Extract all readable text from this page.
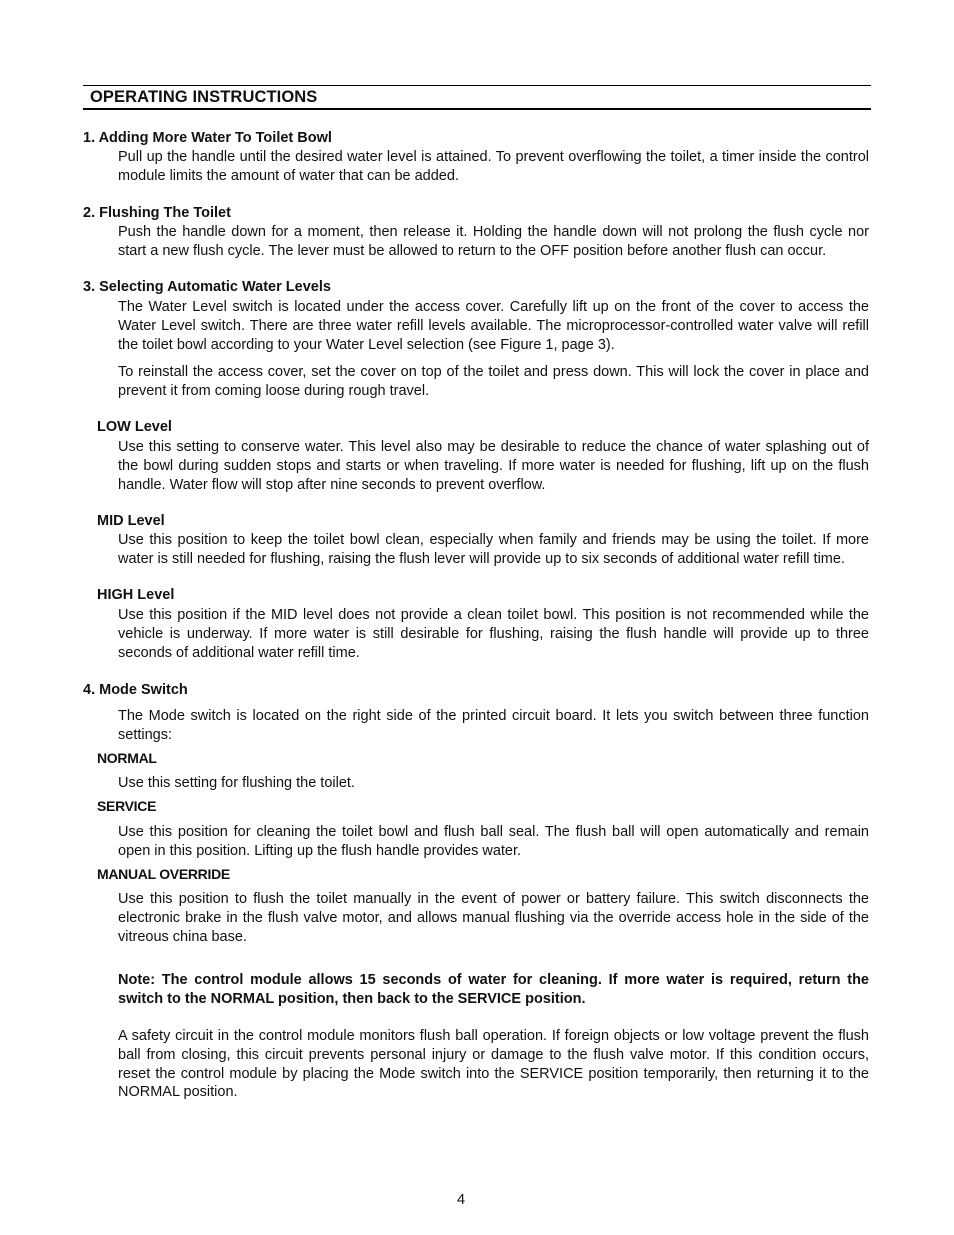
OPERATING INSTRUCTIONS
1. Adding More Water To Toilet Bowl
Pull up the handle until the desired water level is attained. To prevent overflowing the toilet, a timer inside the control module limits the amount of water that can be added.
2. Flushing The Toilet
Push the handle down for a moment, then release it. Holding the handle down will not prolong the flush cycle nor start a new flush cycle. The lever must be allowed to return to the OFF position before another flush can occur.
3. Selecting Automatic Water Levels
The Water Level switch is located under the access cover. Carefully lift up on the front of the cover to access the Water Level switch. There are three water refill levels available. The microprocessor-controlled water valve will refill the toilet bowl according to your Water Level selection (see Figure 1, page 3).
To reinstall the access cover, set the cover on top of the toilet and press down. This will lock the cover in place and prevent it from coming loose during rough travel.
LOW Level
Use this setting to conserve water. This level also may be desirable to reduce the chance of water splashing out of the bowl during sudden stops and starts or when traveling. If more water is needed for flushing, lift up on the flush handle. Water flow will stop after nine seconds to prevent overflow.
MID Level
Use this position to keep the toilet bowl clean, especially when family and friends may be using the toilet. If more water is still needed for flushing, raising the flush lever will provide up to six seconds of additional water refill time.
HIGH Level
Use this position if the MID level does not provide a clean toilet bowl. This position is not recommended while the vehicle is underway. If more water is still desirable for flushing, raising the flush handle will provide up to three seconds of additional water refill time.
4. Mode Switch
The Mode switch is located on the right side of the printed circuit board. It lets you switch between three function settings:
NORMAL
Use this setting for flushing the toilet.
SERVICE
Use this position for cleaning the toilet bowl and flush ball seal. The flush ball will open automatically and remain open in this position. Lifting up the flush handle provides water.
MANUAL OVERRIDE
Use this position to flush the toilet manually in the event of power or battery failure. This switch disconnects the electronic brake in the flush valve motor, and allows manual flushing via the override access hole in the side of the vitreous china base.
Note: The control module allows 15 seconds of water for cleaning. If more water is required, return the switch to the NORMAL position, then back to the SERVICE position.
A safety circuit in the control module monitors flush ball operation. If foreign objects or low voltage prevent the flush ball from closing, this circuit prevents personal injury or damage to the flush valve motor. If this condition occurs, reset the control module by placing the Mode switch into the SERVICE position temporarily, then returning it to the NORMAL position.
4
